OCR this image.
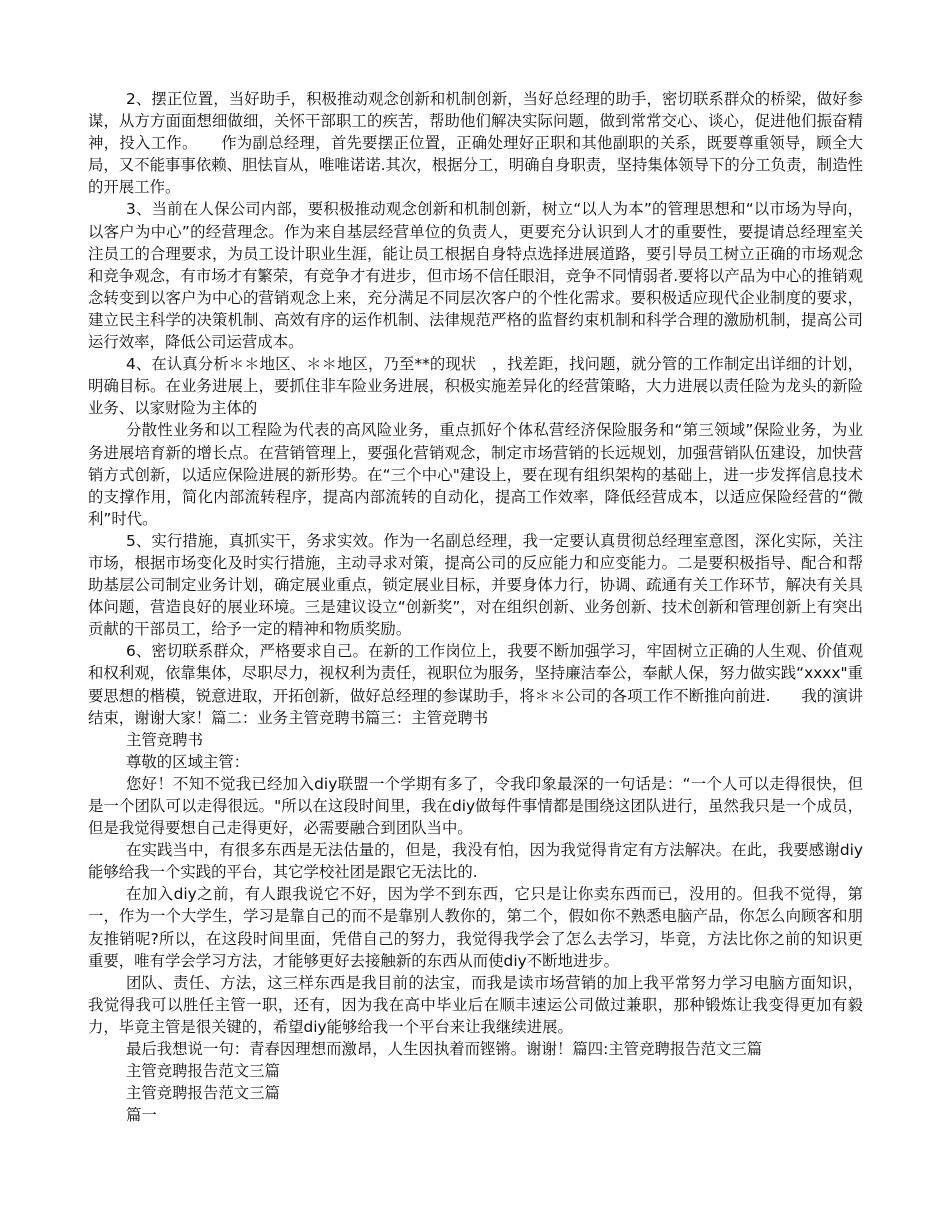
2、摆正位置，当好助手，积极推动观念创新和机制创新，当好总经理的助手，密切联系群众的桥梁，做好参谋，从方方面面想细做细，关怀干部职工的疾苦，帮助他们解决实际问题，做到常常交心、谈心，促进他们振奋精神，投入工作。　　作为副总经理，首先要摆正位置，正确处理好正职和其他副职的关系，既要尊重领导，顾全大局，又不能事事依赖、胆怯盲从，唯唯诺诺.其次，根据分工，明确自身职责，坚持集体领导下的分工负责，制造性的开展工作。

3、当前在人保公司内部，要积极推动观念创新和机制创新，树立“以人为本”的管理思想和“以市场为导向，以客户为中心”的经营理念。作为来自基层经营单位的负责人，更要充分认识到人才的重要性，要提请总经理室关注员工的合理要求，为员工设计职业生涯，能让员工根据自身特点选择进展道路，要引导员工树立正确的市场观念和竞争观念，有市场才有繁荣，有竞争才有进步，但市场不信任眼泪，竞争不同情弱者.要将以产品为中心的推销观念转变到以客户为中心的营销观念上来，充分满足不同层次客户的个性化需求。要积极适应现代企业制度的要求，建立民主科学的决策机制、高效有序的运作机制、法律规范严格的监督约束机制和科学合理的激励机制，提高公司运行效率，降低公司运营成本。

4、在认真分析＊＊地区、＊＊地区，乃至**的现状　，找差距，找问题，就分管的工作制定出详细的计划，明确目标。在业务进展上，要抓住非车险业务进展，积极实施差异化的经营策略，大力进展以责任险为龙头的新险业务、以家财险为主体的

分散性业务和以工程险为代表的高风险业务，重点抓好个体私营经济保险服务和“第三领域”保险业务，为业务进展培育新的增长点。在营销管理上，要强化营销观念，制定市场营销的长远规划，加强营销队伍建设，加快营销方式创新，以适应保险进展的新形势。在“三个中心"建设上，要在现有组织架构的基础上，进一步发挥信息技术的支撑作用，简化内部流转程序，提高内部流转的自动化，提高工作效率，降低经营成本，以适应保险经营的“微利”时代。

5、实行措施，真抓实干，务求实效。作为一名副总经理，我一定要认真贯彻总经理室意图，深化实际，关注市场，根据市场变化及时实行措施，主动寻求对策，提高公司的反应能力和应变能力。二是要积极指导、配合和帮助基层公司制定业务计划，确定展业重点，锁定展业目标，并要身体力行，协调、疏通有关工作环节，解决有关具体问题，营造良好的展业环境。三是建议设立“创新奖”，对在组织创新、业务创新、技术创新和管理创新上有突出贡献的干部员工，给予一定的精神和物质奖励。

6、密切联系群众，严格要求自己。在新的工作岗位上，我要不断加强学习，牢固树立正确的人生观、价值观和权利观，依靠集体，尽职尽力，视权利为责任，视职位为服务，坚持廉洁奉公，奉献人保，努力做实践“xxxx"重要思想的楷模，锐意进取，开拓创新，做好总经理的参谋助手，将＊＊公司的各项工作不断推向前进.　　我的演讲结束，谢谢大家！篇二：业务主管竞聘书篇三：主管竞聘书

主管竞聘书

尊敬的区域主管：

您好！不知不觉我已经加入diy联盟一个学期有多了，令我印象最深的一句话是：“一个人可以走得很快，但是一个团队可以走得很远。"所以在这段时间里，我在diy做每件事情都是围绕这团队进行，虽然我只是一个成员，但是我觉得要想自己走得更好，必需要融合到团队当中。

在实践当中，有很多东西是无法估量的，但是，我没有怕，因为我觉得肯定有方法解决。在此，我要感谢diy能够给我一个实践的平台，其它学校社团是跟它无法比的.

在加入diy之前，有人跟我说它不好，因为学不到东西，它只是让你卖东西而已，没用的。但我不觉得，第一，作为一个大学生，学习是靠自己的而不是靠别人教你的，第二个，假如你不熟悉电脑产品，你怎么向顾客和朋友推销呢?所以，在这段时间里面，凭借自己的努力，我觉得我学会了怎么去学习，毕竟，方法比你之前的知识更重要，唯有学会学习方法，才能够更好去接触新的东西从而使diy不断地进步。

团队、责任、方法，这三样东西是我目前的法宝，而我是读市场营销的加上我平常努力学习电脑方面知识，我觉得我可以胜任主管一职，还有，因为我在高中毕业后在顺丰速运公司做过兼职，那种锻炼让我变得更加有毅力，毕竟主管是很关键的，希望diy能够给我一个平台来让我继续进展。

最后我想说一句：青春因理想而激昂，人生因执着而铿锵。谢谢！篇四:主管竞聘报告范文三篇

主管竞聘报告范文三篇

主管竞聘报告范文三篇

篇一
